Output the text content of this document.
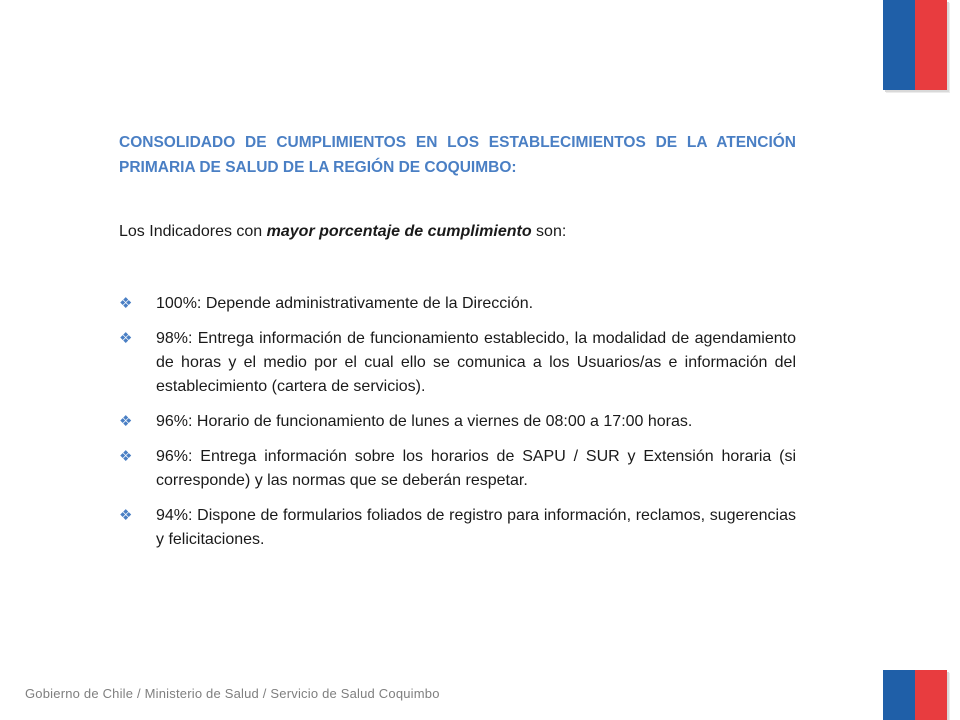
CONSOLIDADO DE CUMPLIMIENTOS EN LOS ESTABLECIMIENTOS DE LA ATENCIÓN PRIMARIA DE SALUD DE LA REGIÓN DE COQUIMBO:

Los Indicadores con mayor porcentaje de cumplimiento son:

❖ 100%: Depende administrativamente de la Dirección.
❖ 98%: Entrega información de funcionamiento establecido, la modalidad de agendamiento de horas y el medio por el cual ello se comunica a los Usuarios/as e información del establecimiento (cartera de servicios).
❖ 96%: Horario de funcionamiento de lunes a viernes de 08:00 a 17:00 horas.
❖ 96%: Entrega información sobre los horarios de SAPU / SUR y Extensión horaria (si corresponde) y las normas que se deberán respetar.
❖ 94%: Dispone de formularios foliados de registro para información, reclamos, sugerencias y felicitaciones.
Gobierno de Chile / Ministerio de Salud / Servicio de Salud Coquimbo
